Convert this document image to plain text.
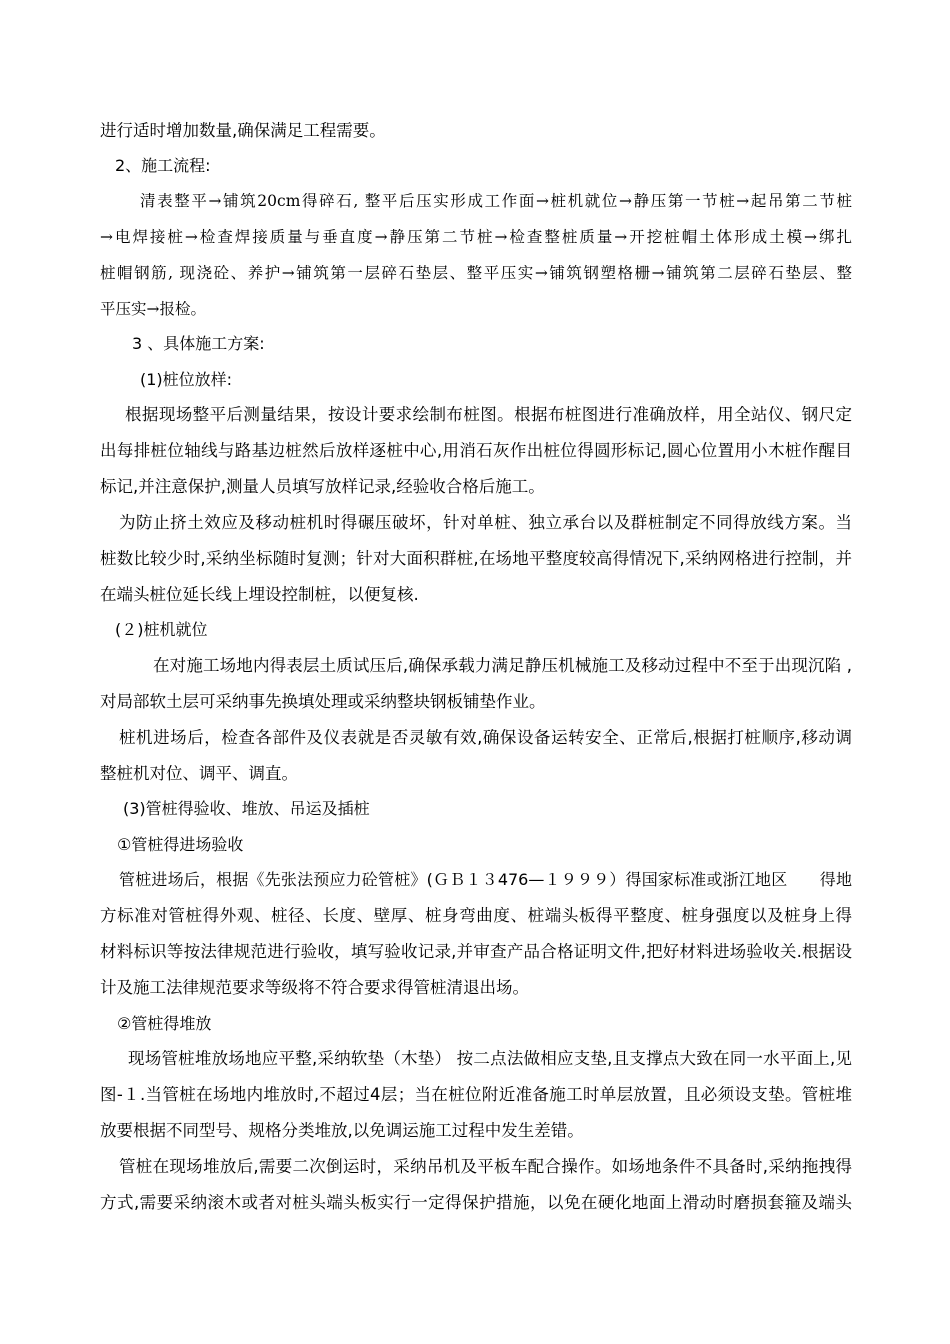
进行适时增加数量,确保满足工程需要。
2、施工流程:
清表整平→铺筑20cm得碎石, 整平后压实形成工作面→桩机就位→静压第一节桩→起吊第二节桩
→电焊接桩→检查焊接质量与垂直度→静压第二节桩→检查整桩质量→开挖桩帽土体形成土模→绑扎
桩帽钢筋, 现浇砼、养护→铺筑第一层碎石垫层、整平压实→铺筑钢塑格栅→铺筑第二层碎石垫层、整
平压实→报检。
3 、具体施工方案:
(1)桩位放样:
根据现场整平后测量结果，按设计要求绘制布桩图。根据布桩图进行准确放样，用全站仪、钢尺定
出每排桩位轴线与路基边桩然后放样逐桩中心,用消石灰作出桩位得圆形标记,圆心位置用小木桩作醒目
标记,并注意保护,测量人员填写放样记录,经验收合格后施工。
为防止挤土效应及移动桩机时得碾压破坏，针对单桩、独立承台以及群桩制定不同得放线方案。当
桩数比较少时,采纳坐标随时复测；针对大面积群桩,在场地平整度较高得情况下,采纳网格进行控制，并
在端头桩位延长线上埋设控制桩，以便复核.
(２)桩机就位
在对施工场地内得表层土质试压后,确保承载力满足静压机械施工及移动过程中不至于出现沉陷 ,
对局部软土层可采纳事先换填处理或采纳整块钢板铺垫作业。
桩机进场后，检查各部件及仪表就是否灵敏有效,确保设备运转安全、正常后,根据打桩顺序,移动调
整桩机对位、调平、调直。
(3)管桩得验收、堆放、吊运及插桩
①管桩得进场验收
管桩进场后，根据《先张法预应力砼管桩》(ＧＢ１３476—１９９９）得国家标准或浙江地区　　得地
方标准对管桩得外观、桩径、长度、壁厚、桩身弯曲度、桩端头板得平整度、桩身强度以及桩身上得
材料标识等按法律规范进行验收，填写验收记录,并审查产品合格证明文件,把好材料进场验收关.根据设
计及施工法律规范要求等级将不符合要求得管桩清退出场。
②管桩得堆放
现场管桩堆放场地应平整,采纳软垫（木垫） 按二点法做相应支垫,且支撑点大致在同一水平面上,见
图-１.当管桩在场地内堆放时,不超过4层；当在桩位附近准备施工时单层放置，且必须设支垫。管桩堆
放要根据不同型号、规格分类堆放,以免调运施工过程中发生差错。
管桩在现场堆放后,需要二次倒运时，采纳吊机及平板车配合操作。如场地条件不具备时,采纳拖拽得
方式,需要采纳滚木或者对桩头端头板实行一定得保护措施，以免在硬化地面上滑动时磨损套箍及端头
